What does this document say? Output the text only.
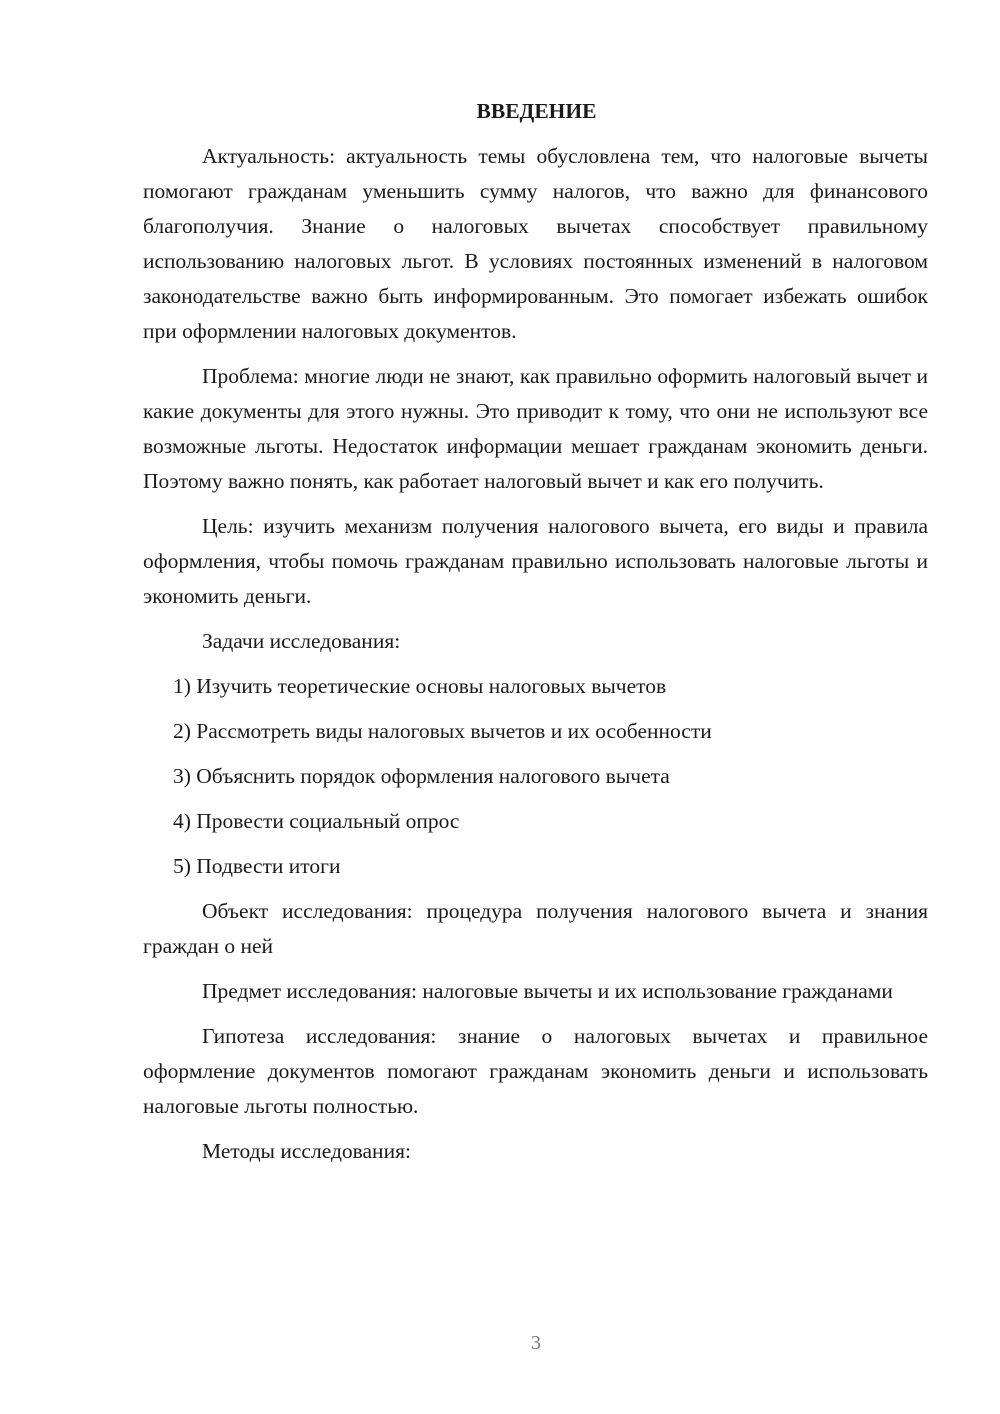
ВВЕДЕНИЕ

Актуальность: актуальность темы обусловлена тем, что налоговые вычеты помогают гражданам уменьшить сумму налогов, что важно для финансового благополучия. Знание о налоговых вычетах способствует правильному использованию налоговых льгот. В условиях постоянных изменений в налоговом законодательстве важно быть информированным. Это помогает избежать ошибок при оформлении налоговых документов.

Проблема: многие люди не знают, как правильно оформить налоговый вычет и какие документы для этого нужны. Это приводит к тому, что они не используют все возможные льготы. Недостаток информации мешает гражданам экономить деньги. Поэтому важно понять, как работает налоговый вычет и как его получить.

Цель: изучить механизм получения налогового вычета, его виды и правила оформления, чтобы помочь гражданам правильно использовать налоговые льготы и экономить деньги.

Задачи исследования:

1) Изучить теоретические основы налоговых вычетов
2) Рассмотреть виды налоговых вычетов и их особенности
3) Объяснить порядок оформления налогового вычета
4) Провести социальный опрос
5) Подвести итоги

Объект исследования: процедура получения налогового вычета и знания граждан о ней

Предмет исследования: налоговые вычеты и их использование гражданами

Гипотеза исследования: знание о налоговых вычетах и правильное оформление документов помогают гражданам экономить деньги и использовать налоговые льготы полностью.

Методы исследования:

3
